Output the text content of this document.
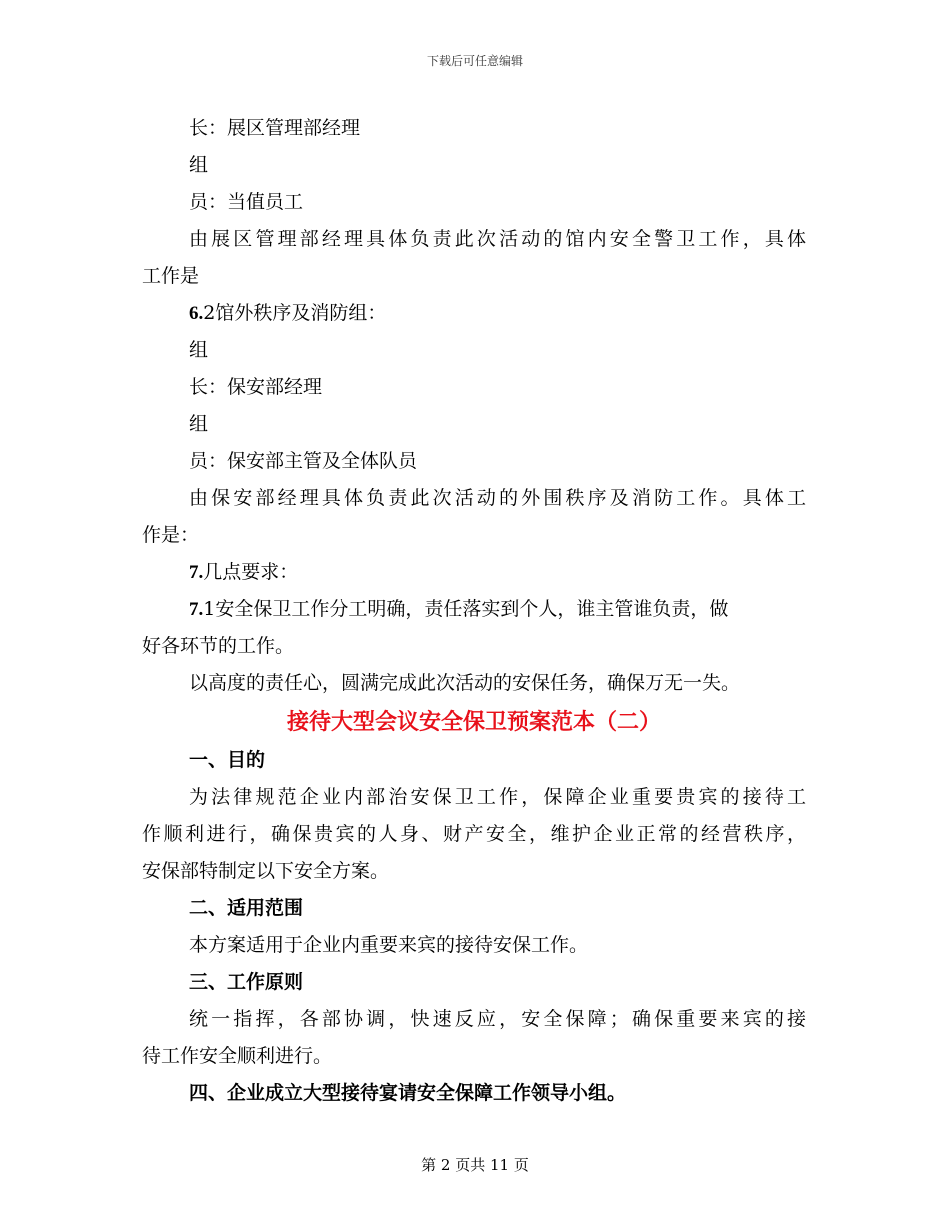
下载后可任意编辑
长：展区管理部经理
组
员：当值员工
由展区管理部经理具体负责此次活动的馆内安全警卫工作，具体
工作是
6.2馆外秩序及消防组：
组
长：保安部经理
组
员：保安部主管及全体队员
由保安部经理具体负责此次活动的外围秩序及消防工作。具体工
作是：
7.几点要求：
7.1安全保卫工作分工明确，责任落实到个人，谁主管谁负责，做
好各环节的工作。
以高度的责任心，圆满完成此次活动的安保任务，确保万无一失。
接待大型会议安全保卫预案范本（二）
一、目的
为法律规范企业内部治安保卫工作，保障企业重要贵宾的接待工
作顺利进行，确保贵宾的人身、财产安全，维护企业正常的经营秩序，
安保部特制定以下安全方案。
二、适用范围
本方案适用于企业内重要来宾的接待安保工作。
三、工作原则
统一指挥，各部协调，快速反应，安全保障；确保重要来宾的接
待工作安全顺利进行。
四、企业成立大型接待宴请安全保障工作领导小组。
第 2 页共 11 页
